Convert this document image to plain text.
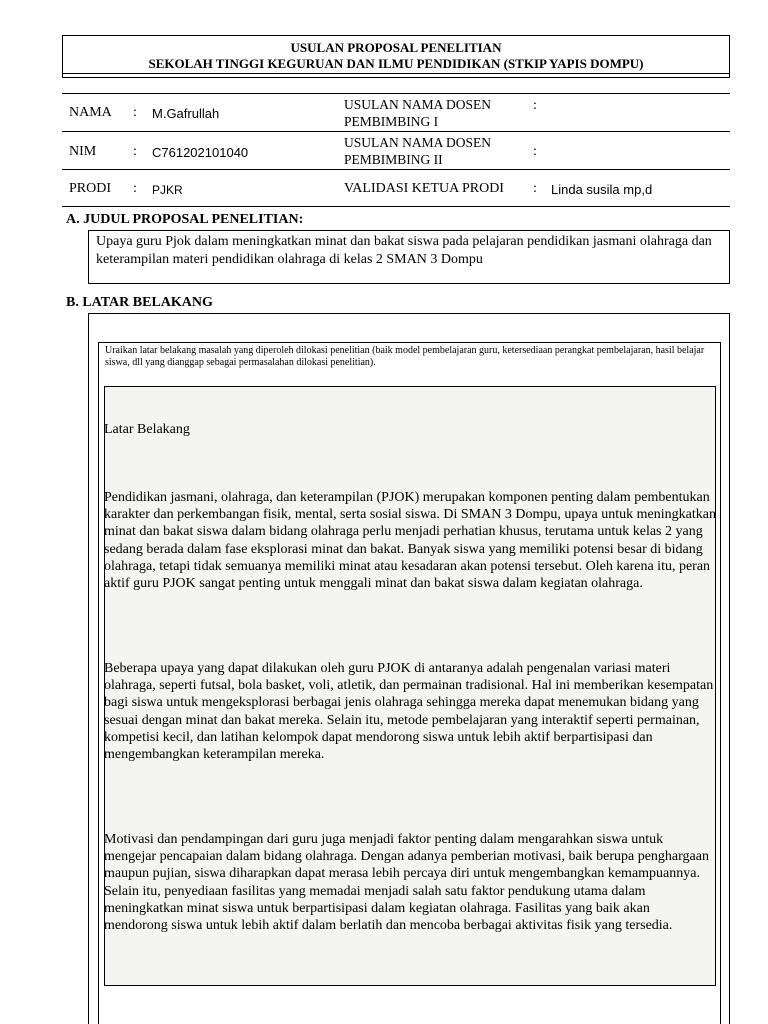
USULAN PROPOSAL PENELITIAN
SEKOLAH TINGGI KEGURUAN DAN ILMU PENDIDIKAN (STKIP YAPIS DOMPU)
NAMA : M.Gafrullah
USULAN NAMA DOSEN
PEMBIMBING I
:
NIM	: C761202101040
USULAN NAMA DOSEN
PEMBIMBING II
:
PRODI : PJKR	VALIDASI KETUA PRODI : Linda susila mp,d
A. JUDUL PROPOSAL PENELITIAN:
Upaya guru Pjok dalam meningkatkan minat dan bakat siswa pada pelajaran pendidikan jasmani olahraga dan keterampilan materi pendidikan olahraga di kelas 2 SMAN 3 Dompu
B. LATAR BELAKANG
Uraikan latar belakang masalah yang diperoleh dilokasi penelitian (baik model pembelajaran guru, ketersediaan perangkat pembelajaran, hasil belajar siswa, dll yang dianggap sebagai permasalahan dilokasi penelitian).
Latar Belakang
Pendidikan jasmani, olahraga, dan keterampilan (PJOK) merupakan komponen penting dalam pembentukan karakter dan perkembangan fisik, mental, serta sosial siswa. Di SMAN 3 Dompu, upaya untuk meningkatkan minat dan bakat siswa dalam bidang olahraga perlu menjadi perhatian khusus, terutama untuk kelas 2 yang sedang berada dalam fase eksplorasi minat dan bakat. Banyak siswa yang memiliki potensi besar di bidang olahraga, tetapi tidak semuanya memiliki minat atau kesadaran akan potensi tersebut. Oleh karena itu, peran aktif guru PJOK sangat penting untuk menggali minat dan bakat siswa dalam kegiatan olahraga.
Beberapa upaya yang dapat dilakukan oleh guru PJOK di antaranya adalah pengenalan variasi materi olahraga, seperti futsal, bola basket, voli, atletik, dan permainan tradisional. Hal ini memberikan kesempatan bagi siswa untuk mengeksplorasi berbagai jenis olahraga sehingga mereka dapat menemukan bidang yang sesuai dengan minat dan bakat mereka. Selain itu, metode pembelajaran yang interaktif seperti permainan, kompetisi kecil, dan latihan kelompok dapat mendorong siswa untuk lebih aktif berpartisipasi dan mengembangkan keterampilan mereka.
Motivasi dan pendampingan dari guru juga menjadi faktor penting dalam mengarahkan siswa untuk mengejar pencapaian dalam bidang olahraga. Dengan adanya pemberian motivasi, baik berupa penghargaan maupun pujian, siswa diharapkan dapat merasa lebih percaya diri untuk mengembangkan kemampuannya. Selain itu, penyediaan fasilitas yang memadai menjadi salah satu faktor pendukung utama dalam meningkatkan minat siswa untuk berpartisipasi dalam kegiatan olahraga. Fasilitas yang baik akan mendorong siswa untuk lebih aktif dalam berlatih dan mencoba berbagai aktivitas fisik yang tersedia.
